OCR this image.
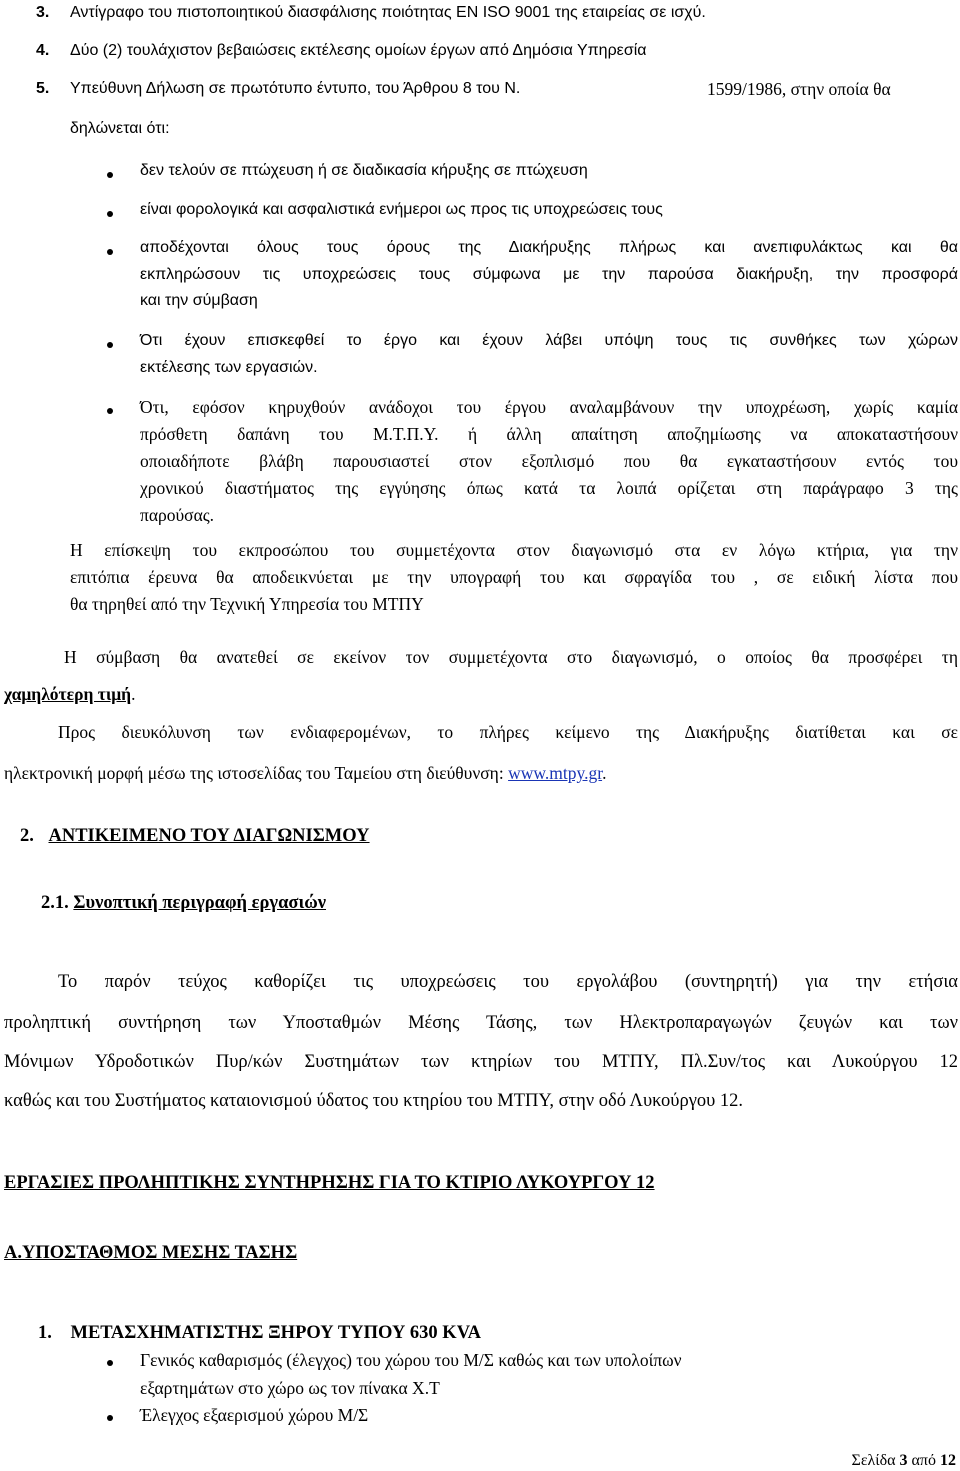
3. Αντίγραφο του πιστοποιητικού διασφάλισης ποιότητας EN ISO 9001 της εταιρείας σε ισχύ.
4. Δύο (2) τουλάχιστον βεβαιώσεις εκτέλεσης ομοίων έργων από Δημόσια Υπηρεσία
5. Υπεύθυνη Δήλωση σε πρωτότυπο έντυπο, του Άρθρου 8 του Ν.	1599/1986, στην οποία θα
δηλώνεται ότι:
δεν τελούν σε πτώχευση ή σε διαδικασία κήρυξης σε πτώχευση
είναι φορολογικά και ασφαλιστικά ενήμεροι ως προς τις υποχρεώσεις τους
αποδέχονται όλους τους όρους της Διακήρυξης πλήρως και ανεπιφυλάκτως και θα
εκπληρώσουν τις υποχρεώσεις τους σύμφωνα με την παρούσα διακήρυξη, την προσφορά
και την σύμβαση
Ότι έχουν επισκεφθεί το έργο και έχουν λάβει υπόψη τους τις συνθήκες των χώρων
εκτέλεσης των εργασιών.
Ότι, εφόσον κηρυχθούν ανάδοχοι του έργου αναλαμβάνουν την υποχρέωση, χωρίς καμία
πρόσθετη δαπάνη του Μ.Τ.Π.Υ. ή άλλη απαίτηση αποζημίωσης να αποκαταστήσουν
οποιαδήποτε βλάβη παρουσιαστεί στον εξοπλισμό που θα εγκαταστήσουν εντός του
χρονικού διαστήματος της εγγύησης όπως κατά τα λοιπά ορίζεται στη παράγραφο 3 της
παρούσας.
Η επίσκεψη του εκπροσώπου του συμμετέχοντα στον διαγωνισμό στα εν λόγω κτήρια, για την
επιτόπια έρευνα θα αποδεικνύεται με την υπογραφή του και σφραγίδα του , σε ειδική λίστα που
θα τηρηθεί από την Τεχνική Υπηρεσία του ΜΤΠΥ
Η σύμβαση θα ανατεθεί σε εκείνον τον συμμετέχοντα στο διαγωνισμό, ο οποίος θα προσφέρει τη
χαμηλότερη τιμή.
Προς διευκόλυνση των ενδιαφερομένων, το πλήρες κείμενο της Διακήρυξης διατίθεται και σε
ηλεκτρονική μορφή μέσω της ιστοσελίδας του Ταμείου στη διεύθυνση: www.mtpy.gr.
2. ΑΝΤΙΚΕΙΜΕΝΟ ΤΟΥ ΔΙΑΓΩΝΙΣΜΟΥ
2.1. Συνοπτική περιγραφή εργασιών
Το παρόν τεύχος καθορίζει τις υποχρεώσεις του εργολάβου (συντηρητή) για την ετήσια
προληπτική συντήρηση των Υποσταθμών Μέσης Τάσης, των Ηλεκτροπαραγωγών ζευγών και των
Μόνιμων Υδροδοτικών Πυρ/κών Συστημάτων των κτηρίων του ΜΤΠΥ, Πλ.Συν/τος και Λυκούργου 12
καθώς και του Συστήματος καταιονισμού ύδατος του κτηρίου του ΜΤΠΥ, στην οδό Λυκούργου 12.
ΕΡΓΑΣΙΕΣ ΠΡΟΛΗΠΤΙΚΗΣ ΣΥΝΤΗΡΗΣΗΣ ΓΙΑ ΤΟ ΚΤΙΡΙΟ ΛΥΚΟΥΡΓΟΥ 12
Α.ΥΠΟΣΤΑΘΜΟΣ ΜΕΣΗΣ ΤΑΣΗΣ
1. ΜΕΤΑΣΧΗΜΑΤΙΣΤΗΣ ΞΗΡΟΥ ΤΥΠΟΥ 630 KVA
Γενικός καθαρισμός (έλεγχος) του χώρου του Μ/Σ καθώς και των υπολοίπων
εξαρτημάτων στο χώρο ως τον πίνακα Χ.Τ
Έλεγχος εξαερισμού χώρου Μ/Σ
Σελίδα 3 από 12
